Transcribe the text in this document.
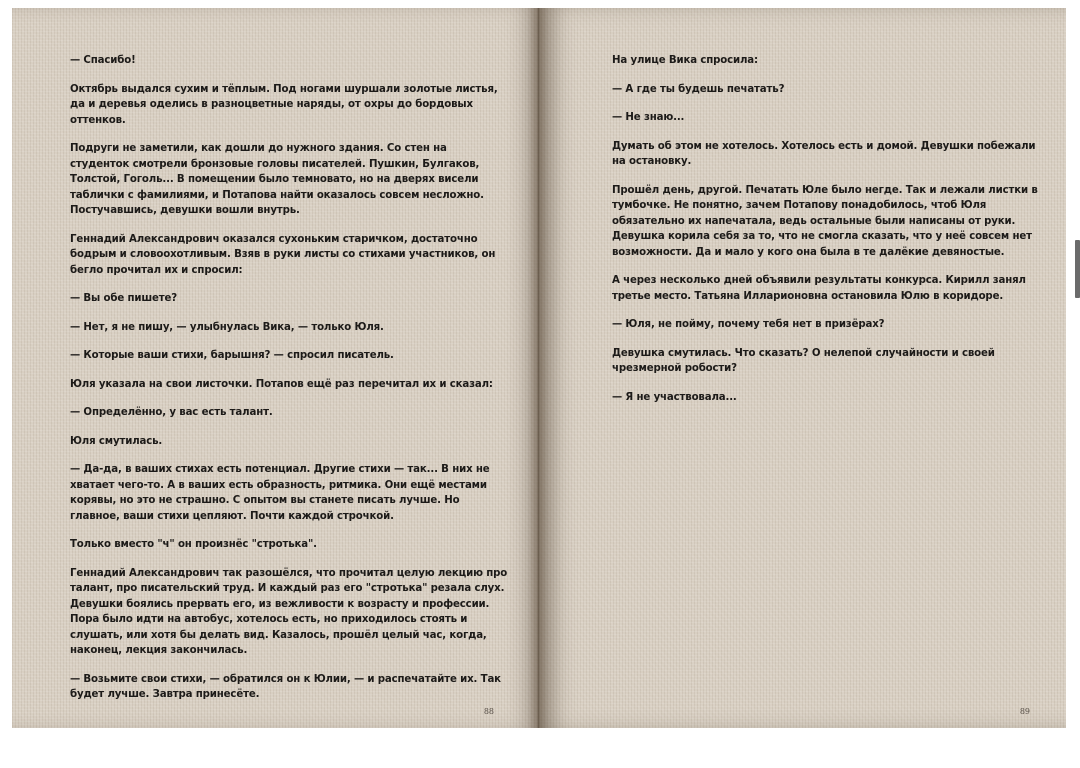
— Спасибо!

Октябрь выдался сухим и тёплым. Под ногами шуршали золотые листья, да и деревья оделись в разноцветные наряды, от охры до бордовых оттенков.

Подруги не заметили, как дошли до нужного здания. Со стен на студенток смотрели бронзовые головы писателей. Пушкин, Булгаков, Толстой, Гоголь... В помещении было темновато, но на дверях висели таблички с фамилиями, и Потапова найти оказалось совсем несложно. Постучавшись, девушки вошли внутрь.

Геннадий Александрович оказался сухоньким старичком, достаточно бодрым и словоохотливым. Взяв в руки листы со стихами участников, он бегло прочитал их и спросил:

— Вы обе пишете?

— Нет, я не пишу, — улыбнулась Вика, — только Юля.

— Которые ваши стихи, барышня? — спросил писатель.

Юля указала на свои листочки. Потапов ещё раз перечитал их и сказал:

— Определённо, у вас есть талант.

Юля смутилась.

— Да-да, в ваших стихах есть потенциал. Другие стихи — так... В них не хватает чего-то. А в ваших есть образность, ритмика. Они ещё местами корявы, но это не страшно. С опытом вы станете писать лучше. Но главное, ваши стихи цепляют. Почти каждой строчкой.

Только вместо "ч" он произнёс "стротька".

Геннадий Александрович так разошёлся, что прочитал целую лекцию про талант, про писательский труд. И каждый раз его "стротька" резала слух. Девушки боялись прервать его, из вежливости к возрасту и профессии. Пора было идти на автобус, хотелось есть, но приходилось стоять и слушать, или хотя бы делать вид. Казалось, прошёл целый час, когда, наконец, лекция закончилась.

— Возьмите свои стихи, — обратился он к Юлии, — и распечатайте их. Так будет лучше. Завтра принесёте.

88

На улице Вика спросила:

— А где ты будешь печатать?

— Не знаю...

Думать об этом не хотелось. Хотелось есть и домой. Девушки побежали на остановку.

Прошёл день, другой. Печатать Юле было негде. Так и лежали листки в тумбочке. Не понятно, зачем Потапову понадобилось, чтоб Юля обязательно их напечатала, ведь остальные были написаны от руки. Девушка корила себя за то, что не смогла сказать, что у неё совсем нет возможности. Да и мало у кого она была в те далёкие девяностые.

А через несколько дней объявили результаты конкурса. Кирилл занял третье место. Татьяна Илларионовна остановила Юлю в коридоре.

— Юля, не пойму, почему тебя нет в призёрах?

Девушка смутилась. Что сказать? О нелепой случайности и своей чрезмерной робости?

— Я не участвовала...

89
